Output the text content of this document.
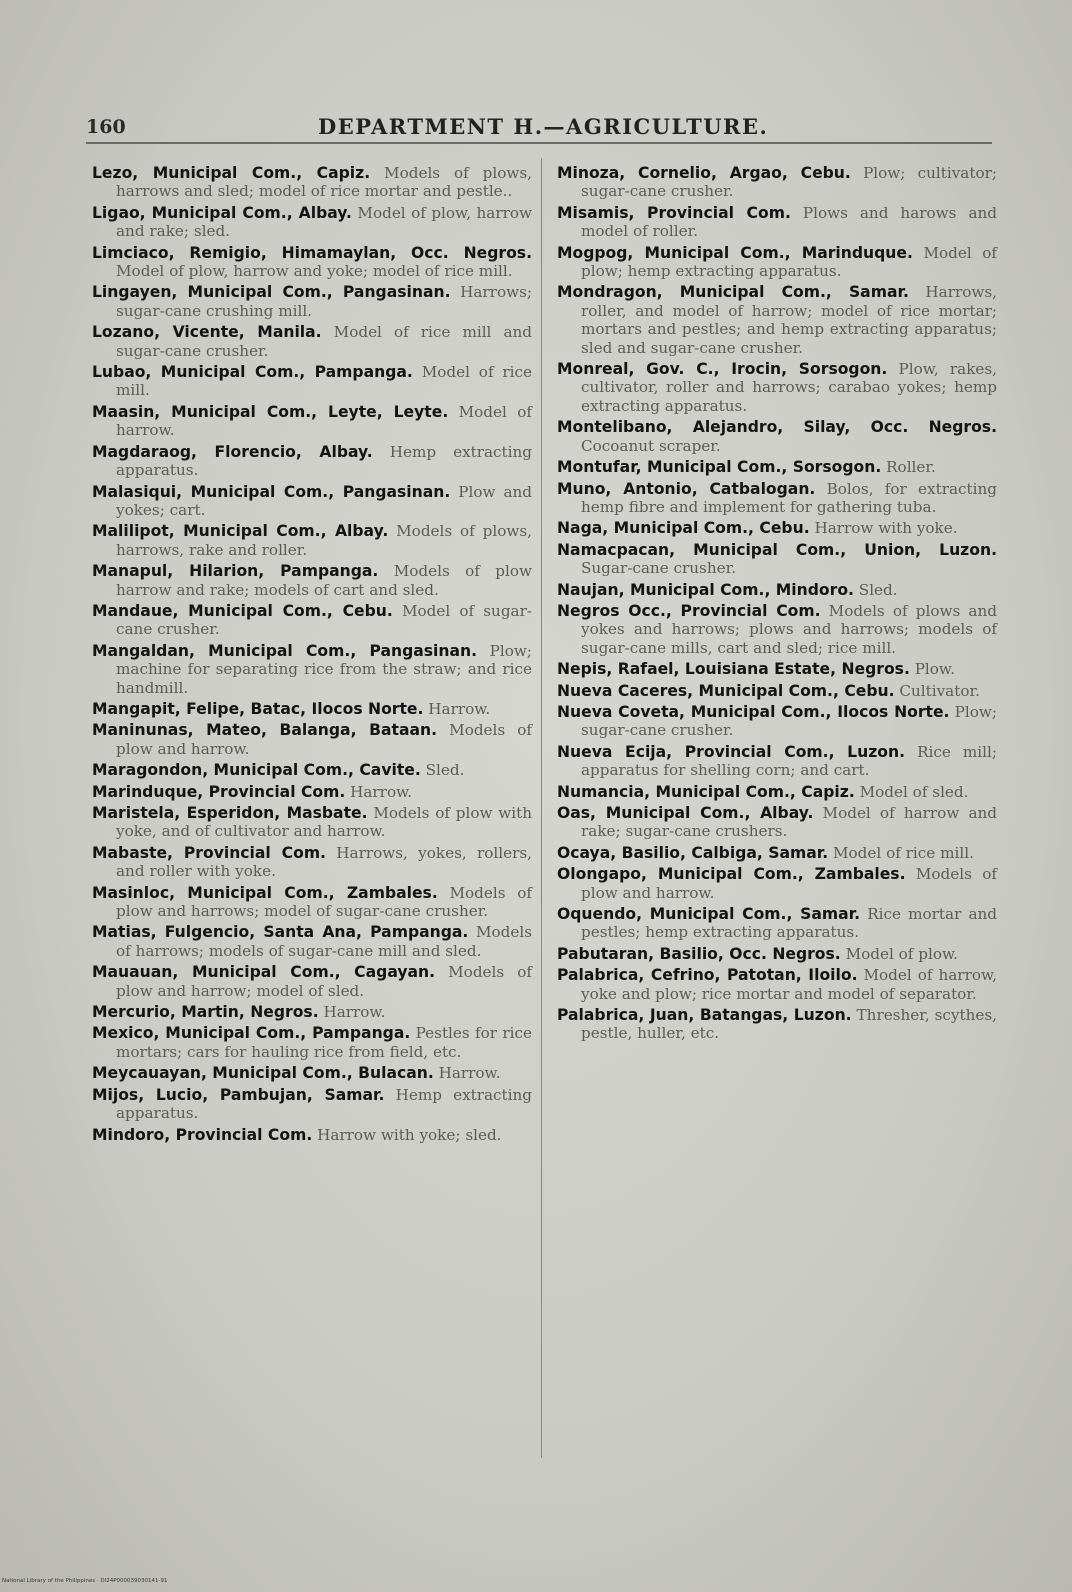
160	DEPARTMENT H.—AGRICULTURE.

Lezo, Municipal Com., Capiz. Models of plows, harrows and sled; model of rice mortar and pestle..

Ligao, Municipal Com., Albay. Model of plow, harrow and rake; sled.

Limciaco, Remigio, Himamaylan, Occ. Negros. Model of plow, harrow and yoke; model of rice mill.

Lingayen, Municipal Com., Pangasinan. Harrows; sugar-cane crushing mill.

Lozano, Vicente, Manila. Model of rice mill and sugar-cane crusher.

Lubao, Municipal Com., Pampanga. Model of rice mill.

Maasin, Municipal Com., Leyte, Leyte. Model of harrow.

Magdaraog, Florencio, Albay. Hemp extracting apparatus.

Malasiqui, Municipal Com., Pangasinan. Plow and yokes; cart.

Malilipot, Municipal Com., Albay. Models of plows, harrows, rake and roller.

Manapul, Hilarion, Pampanga. Models of plow harrow and rake; models of cart and sled.

Mandaue, Municipal Com., Cebu. Model of sugar-cane crusher.

Mangaldan, Municipal Com., Pangasinan. Plow; machine for separating rice from the straw; and rice handmill.

Mangapit, Felipe, Batac, Ilocos Norte. Harrow.

Maninunas, Mateo, Balanga, Bataan. Models of plow and harrow.

Maragondon, Municipal Com., Cavite. Sled.

Marinduque, Provincial Com. Harrow.

Maristela, Esperidon, Masbate. Models of plow with yoke, and of cultivator and harrow.

Mabaste, Provincial Com. Harrows, yokes, rollers, and roller with yoke.

Masinloc, Municipal Com., Zambales. Models of plow and harrows; model of sugar-cane crusher.

Matias, Fulgencio, Santa Ana, Pampanga. Models of harrows; models of sugar-cane mill and sled.

Mauauan, Municipal Com., Cagayan. Models of plow and harrow; model of sled.

Mercurio, Martin, Negros. Harrow.

Mexico, Municipal Com., Pampanga. Pestles for rice mortars; cars for hauling rice from field, etc.

Meycauayan, Municipal Com., Bulacan. Harrow.

Mijos, Lucio, Pambujan, Samar. Hemp extracting apparatus.

Mindoro, Provincial Com. Harrow with yoke; sled.

Minoza, Cornelio, Argao, Cebu. Plow; cultivator; sugar-cane crusher.

Misamis, Provincial Com. Plows and harows and model of roller.

Mogpog, Municipal Com., Marinduque. Model of plow; hemp extracting apparatus.

Mondragon, Municipal Com., Samar. Harrows, roller, and model of harrow; model of rice mortar; mortars and pestles; and hemp extracting apparatus; sled and sugar-cane crusher.

Monreal, Gov. C., Irocin, Sorsogon. Plow, rakes, cultivator, roller and harrows; carabao yokes; hemp extracting apparatus.

Montelibano, Alejandro, Silay, Occ. Negros. Cocoanut scraper.

Montufar, Municipal Com., Sorsogon. Roller.

Muno, Antonio, Catbalogan. Bolos, for extracting hemp fibre and implement for gathering tuba.

Naga, Municipal Com., Cebu. Harrow with yoke.

Namacpacan, Municipal Com., Union, Luzon. Sugar-cane crusher.

Naujan, Municipal Com., Mindoro. Sled.

Negros Occ., Provincial Com. Models of plows and yokes and harrows; plows and harrows; models of sugar-cane mills, cart and sled; rice mill.

Nepis, Rafael, Louisiana Estate, Negros. Plow.

Nueva Caceres, Municipal Com., Cebu. Cultivator.

Nueva Coveta, Municipal Com., Ilocos Norte. Plow; sugar-cane crusher.

Nueva Ecija, Provincial Com., Luzon. Rice mill; apparatus for shelling corn; and cart.

Numancia, Municipal Com., Capiz. Model of sled.

Oas, Municipal Com., Albay. Model of harrow and rake; sugar-cane crushers.

Ocaya, Basilio, Calbiga, Samar. Model of rice mill.

Olongapo, Municipal Com., Zambales. Models of plow and harrow.

Oquendo, Municipal Com., Samar. Rice mortar and pestles; hemp extracting apparatus.

Pabutaran, Basilio, Occ. Negros. Model of plow.

Palabrica, Cefrino, Patotan, Iloilo. Model of harrow, yoke and plow; rice mortar and model of separator.

Palabrica, Juan, Batangas, Luzon. Thresher, scythes, pestle, huller, etc.

National Library of the Philippines · DI24P000039030141-91
